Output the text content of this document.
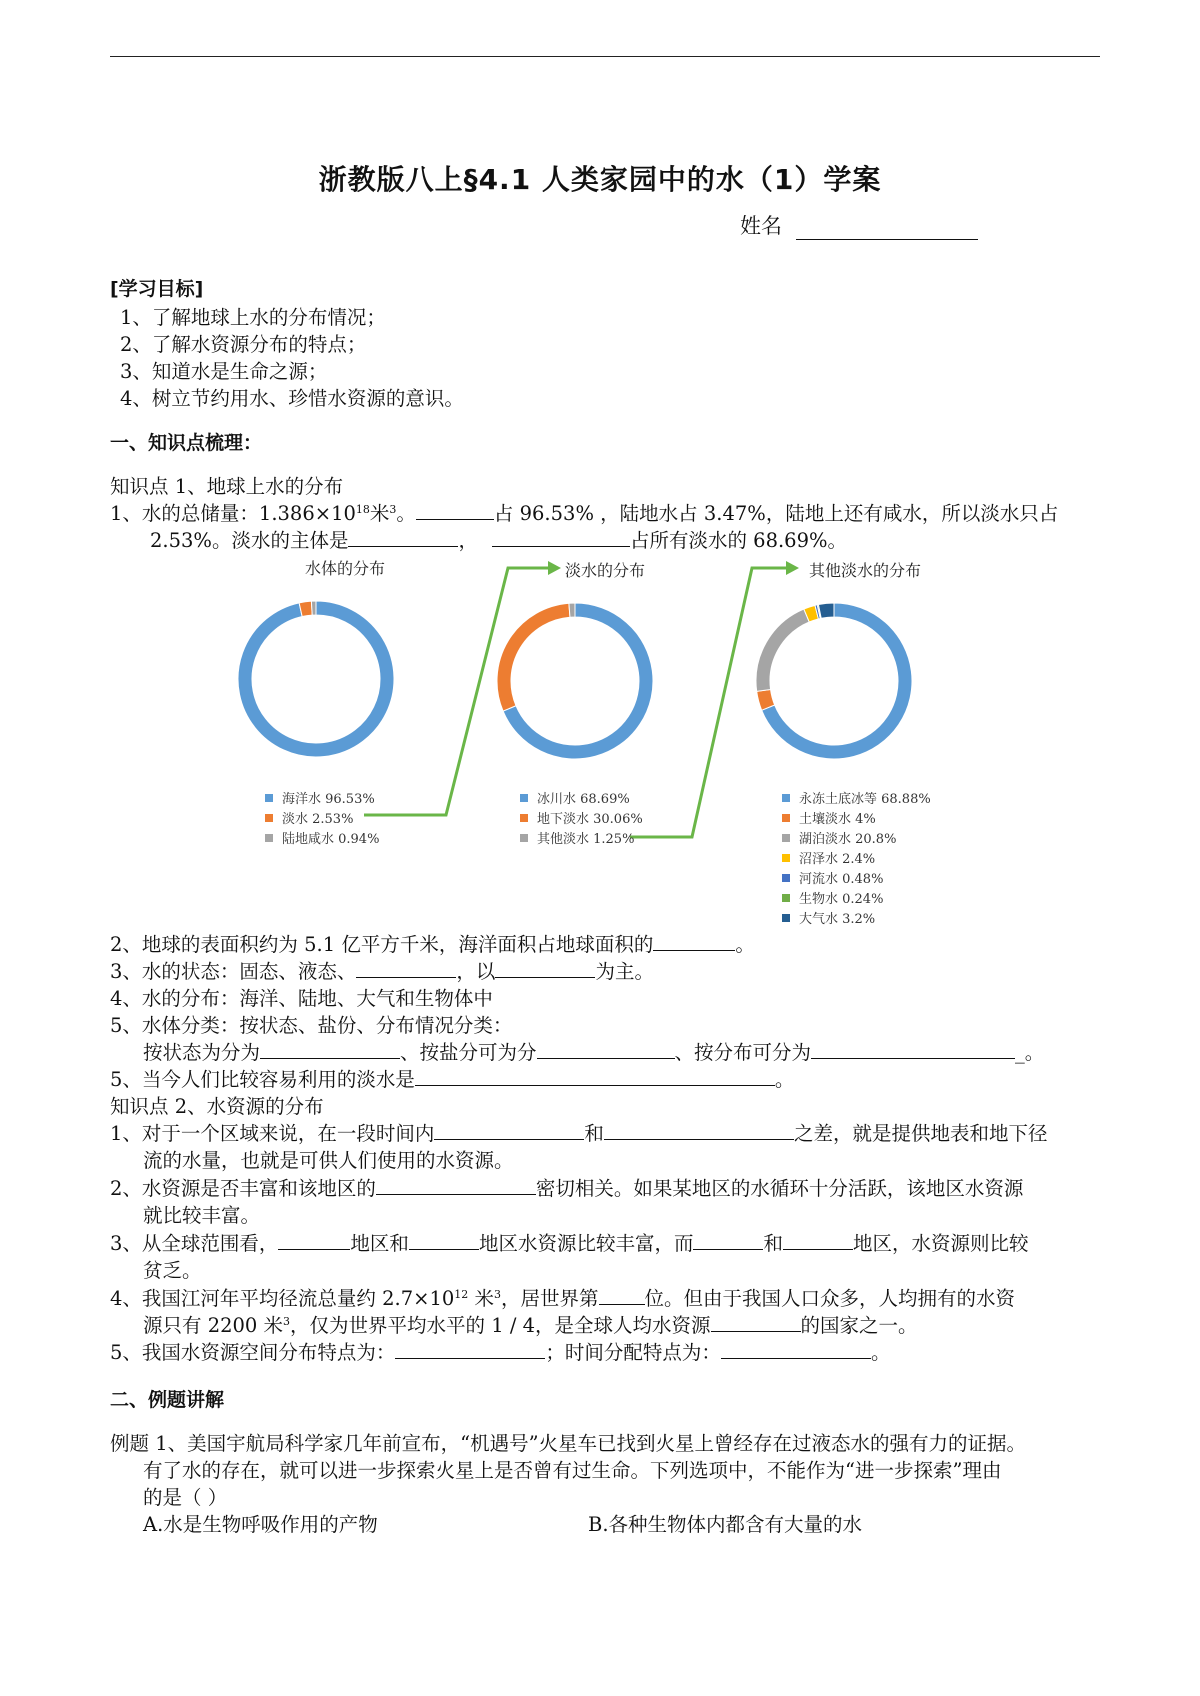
浙教版八上§4.1 人类家园中的水（1）学案
姓名
[学习目标]
1、了解地球上水的分布情况；
2、了解水资源分布的特点；
3、知道水是生命之源；
4、树立节约用水、珍惜水资源的意识。
一、知识点梳理：
知识点 1、地球上水的分布
1、水的总储量：$1.386\times 10^{18}$米$^3$。	占 96.53% ，陆地水占 3.47%，陆地上还有咸水，所以淡水只占
2.53%。淡水的主体是	，	占所有淡水的 68.69%。
水体的分布	淡水的分布	其他淡水的分布
海洋水 96.53%
淡水 2.53%
陆地咸水 0.94%
冰川水 68.69%
地下淡水 30.06%
其他淡水 1.25%
永冻土底冰等 68.88%
土壤淡水 4%
湖泊淡水 20.8%
沼泽水 2.4%
河流水 0.48%
生物水 0.24%
大气水 3.2%
2、地球的表面积约为 5.1 亿平方千米，海洋面积占地球面积的	。
3、水的状态：固态、液态、	，以	为主。
4、水的分布：海洋、陆地、大气和生物体中
5、水体分类：按状态、盐份、分布情况分类：
按状态为分为	、按盐分可为分	、按分布可分为	_。
5、当今人们比较容易利用的淡水是	。
知识点 2、水资源的分布
1、对于一个区域来说，在一段时间内	和	之差，就是提供地表和地下径
流的水量，也就是可供人们使用的水资源。
2、水资源是否丰富和该地区的	密切相关。如果某地区的水循环十分活跃，该地区水资源
就比较丰富。
3、从全球范围看，	地区和	地区水资源比较丰富，而	和	地区，水资源则比较
贫乏。
4、我国江河年平均径流总量约 $2.7\times 10^{12}$ 米$^3$，居世界第 位。但由于我国人口众多，人均拥有的水资
源只有 2200 米$^3$，仅为世界平均水平的 1 / 4，是全球人均水资源	的国家之一。
5、我国水资源空间分布特点为：	；时间分配特点为：	。
二、例题讲解
例题 1、美国宇航局科学家几年前宣布，“机遇号”火星车已找到火星上曾经存在过液态水的强有力的证据。
有了水的存在，就可以进一步探索火星上是否曾有过生命。下列选项中，不能作为“进一步探索”理由
的是（ ）
A.水是生物呼吸作用的产物	B.各种生物体内都含有大量的水
